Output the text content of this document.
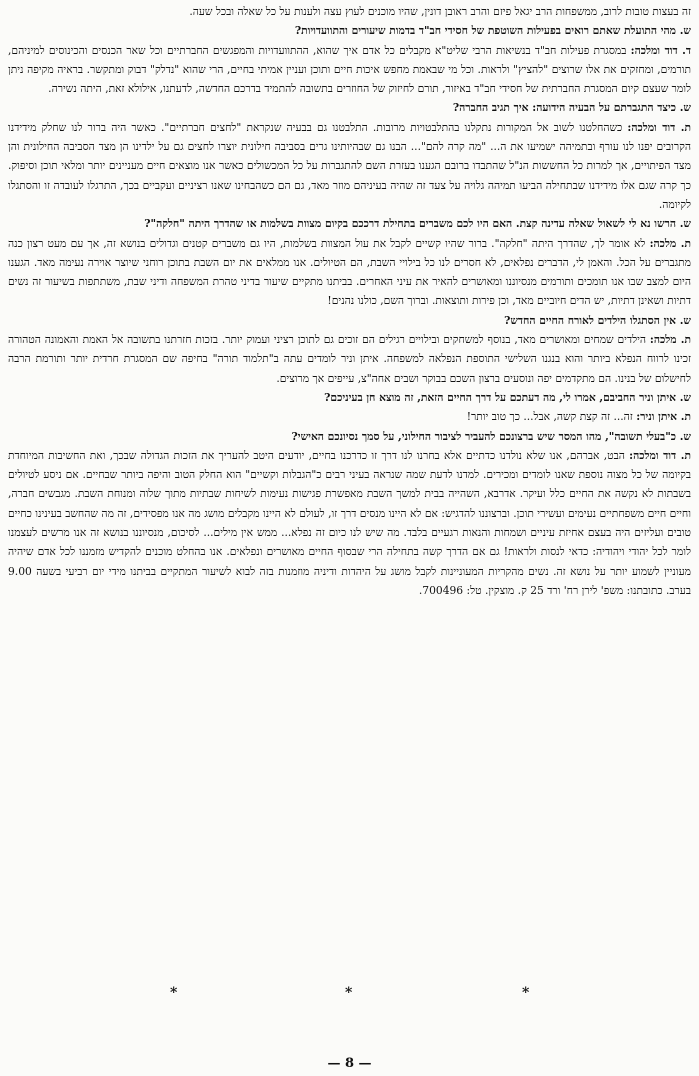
זה בעצות טובות לרוב, ממשפחות הרב יגאל פיזם והרב ראובן דונין, שהיו מוכנים לעוץ עצה ולענות על כל שאלה ובכל שעה.

ש. מהי התועלת שאתם רואים בפעילות השוטפת של חסידי חב"ד בדמות שיעורים והתוועדויות?

ד. דוד ומלכה: במסגרת פעילות חב"ד בנשיאות הרבי שליט"א מקבלים כל אדם איך שהוא, ההתוועדויות והמפגשים החברתיים וכל שאר הכנסים והכינוסים למיניהם, תורמים, ומחזקים את אלו שרוצים "להציץ" ולראות. וכל מי שבאמת מחפש איכות חיים ותוכן ועניין אמיתי בחיים, הרי שהוא "נדלק" דבוק ומתקשר. בראיה מקיפה ניתן לומר שעצם קיום המסגרת החברתית של חסידי חב"ד באיזור, תורם לחיזוק של החוזרים בתשובה להתמיד בדרכם החדשה, לדעתנו, אילולא זאת, היתה נשירה.

ש. כיצד התגברתם על הבעיה הידועה: איך תגיב החברה?

ת. דוד ומלכה: כשהחלטנו לשוב אל המקורות נתקלנו בהתלבטויות מרובות. התלבטנו גם בבעיה שנקראת "לחצים חברתיים". כאשר היה ברור לנו שחלק מידידנו הקרובים יפנו לנו עורף ובתמיהה ישמיעו את ה... "מה קרה להם"... הבנו גם שבהיותינו גרים בסביבה חילונית יוצרו לחצים גם על ילדינו הן מצד הסביבה החילונית והן מצד הפיתויים, אך למרות כל החששות הנ"ל שהתבדו ברובם הגענו בעזרת השם להתגברות על כל המכשולים כאשר אנו מוצאים חיים מעניינים יותר ומלאי תוכן וסיפוק. כך קרה שגם אלו מידידנו שבתחילה הביעו תמיהה גלויה על צעד זה שהיה בעיניהם מוזר מאד, גם הם כשהבחינו שאנו רציניים ועקביים בכך, התרגלו לעובדה זו והסתגלו לקיומה.

ש. הרשו נא לי לשאול שאלה עדינה קצת. האם היו לכם משברים בתחילת דרככם בקיום מצוות בשלמות או שהדרך היתה "חלקה"?

ת. מלכה: לא אומר לך, שהדרך היתה "חלקה". ברור שהיו קשיים לקבל את עול המצוות בשלמות, היו גם משברים קטנים וגדולים בנושא זה, אך עם מעט רצון כנה מתגברים על הכל. והאמן לי, הדברים נפלאים, לא חסרים לנו כל בילויי השבת, הם הטיולים. אנו ממלאים את יום השבת בתוכן רוחני שיוצר אוירה נעימה מאד. הגענו היום למצב שבו אנו תומכים ותורמים מנסיוננו ומאושרים להאיר את עיני האחרים. בביתנו מתקיים שיעור בדיני טהרת המשפחה ודיני שבת, משתתפות בשיעור זה נשים דתיות ושאינן דתיות, יש הדים חיוביים מאד, וכן פירות ותוצאות. וברוך השם, כולנו נהנים!

ש. אין הסתגלו הילדים לאורח החיים החדש?

ת. מלכה: הילדים שמחים ומאושרים מאד, בנוסף למשחקים ובילויים רגילים הם זוכים גם לתוכן רציני ועמוק יותר. בזכות חזרתנו בתשובה אל האמת והאמונה הטהורה זכינו לרווח הנפלא ביותר והוא בנגנו השלישי התוספת הנפלאה למשפחה. איתן וניר לומדים עתה ב"תלמוד תורה" בחיפה שם המסגרת חרדית יותר ותורמת הרבה לחישלום של בנינו. הם מתקדמים יפה ונוסעים ברצון השכם בבוקר ושבים אחה"צ, עייפים אך מרוצים.

ש. איתן וניר החביבם, אמרו לי, מה דעתכם על דרך החיים הזאת, זה מוצא חן בעיניכם?

ת. איתן וניר: זה... זה קצת קשה, אבל... כך טוב יותר!

ש. כ"בעלי תשובה", מהו המסר שיש ברצונכם להעביר לציבור החילוני, על סמך נסיונכם האישי?

ת. דוד ומלכה: הבט, אברהם, אנו שלא נולדנו כדתיים אלא בחרנו לנו דרך זו כדרכנו בחיים, יודעים היטב להעריך את הזכות הגדולה שבכך, ואת החשיבות המיוחדת בקיומה של כל מצוה נוספת שאנו לומדים ומכירים. למדנו לדעת שמה שנראה בעיני רבים כ"הגבלות וקשיים" הוא החלק הטוב והיפה ביותר שבחיים. אם ניסע לטיולים בשבתות לא נקשה את החיים כלל ועיקר. אדרבא, השהייה בבית למשך השבת מאפשרת פגישות נעימות לשיחות שבתיות מתוך שלוה ומנוחת השבת. מגבשים חברה, וחיים חיים משפחתיים נעימים ועשירי תוכן. וברצוננו להדגיש: אם לא היינו מנסים דרך זו, לעולם לא היינו מקבלים מושג מה אנו מפסידים, זה מה שהחשב בעינינו כחיים טובים ועליזים היה בעצם אחיזת עיניים ושמחות והנאות רגעיים בלבד. מה שיש לנו כיום זה נפלא... ממש אין מילים... לסיכום, מנסיוננו בנושא זה אנו מרשים לעצמנו לומר לכל יהודי ויהודיה: כדאי לנסות ולראות! גם אם הדרך קשה בתחילה הרי שבסוף החיים מאושרים ונפלאים. אנו בהחלט מוכנים להקדיש מזמננו לכל אדם שיהיה מעוניין לשמוע יותר על נושא זה. נשים מהקריות המעוניינות לקבל מושג על היהדות ודיניה מוזמנות בזה לבוא לשיעור המתקיים בביתנו מידי יום רביעי בשעה 9.00 בערב. כתובתנו: משפ' לירן רח' ורד 25 ק. מוצקין. טל: 700496.

*
*
*
— 8 —
